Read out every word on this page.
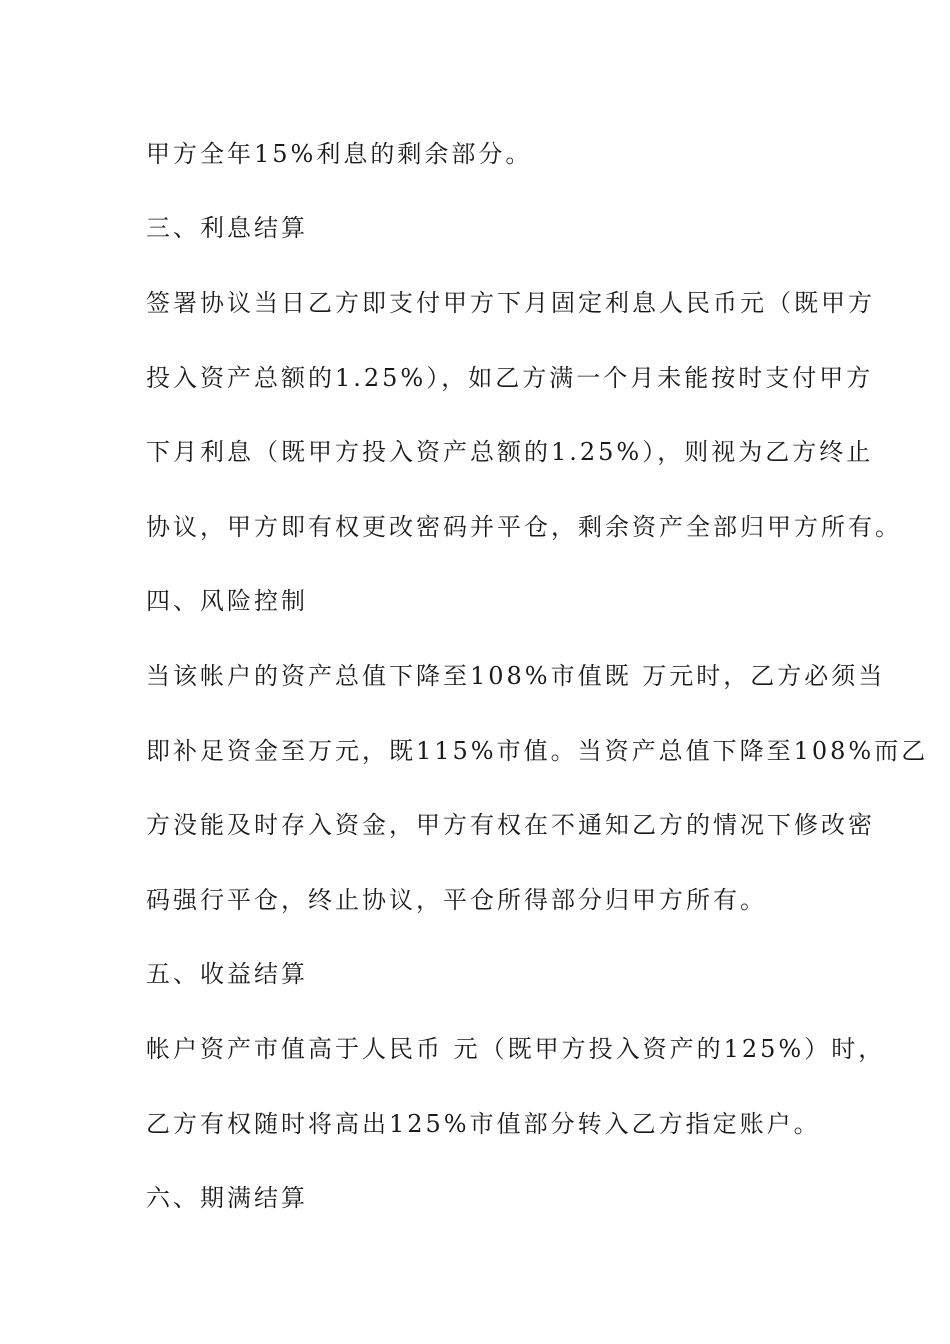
甲方全年15%利息的剩余部分。
三、利息结算
签署协议当日乙方即支付甲方下月固定利息人民币元（既甲方
投入资产总额的1.25%），如乙方满一个月未能按时支付甲方
下月利息（既甲方投入资产总额的1.25%），则视为乙方终止
协议，甲方即有权更改密码并平仓，剩余资产全部归甲方所有。
四、风险控制
当该帐户的资产总值下降至108%市值既 万元时，乙方必须当
即补足资金至万元，既115%市值。当资产总值下降至108%而乙
方没能及时存入资金，甲方有权在不通知乙方的情况下修改密
码强行平仓，终止协议，平仓所得部分归甲方所有。
五、收益结算
帐户资产市值高于人民币 元（既甲方投入资产的125%）时，
乙方有权随时将高出125%市值部分转入乙方指定账户。
六、期满结算
